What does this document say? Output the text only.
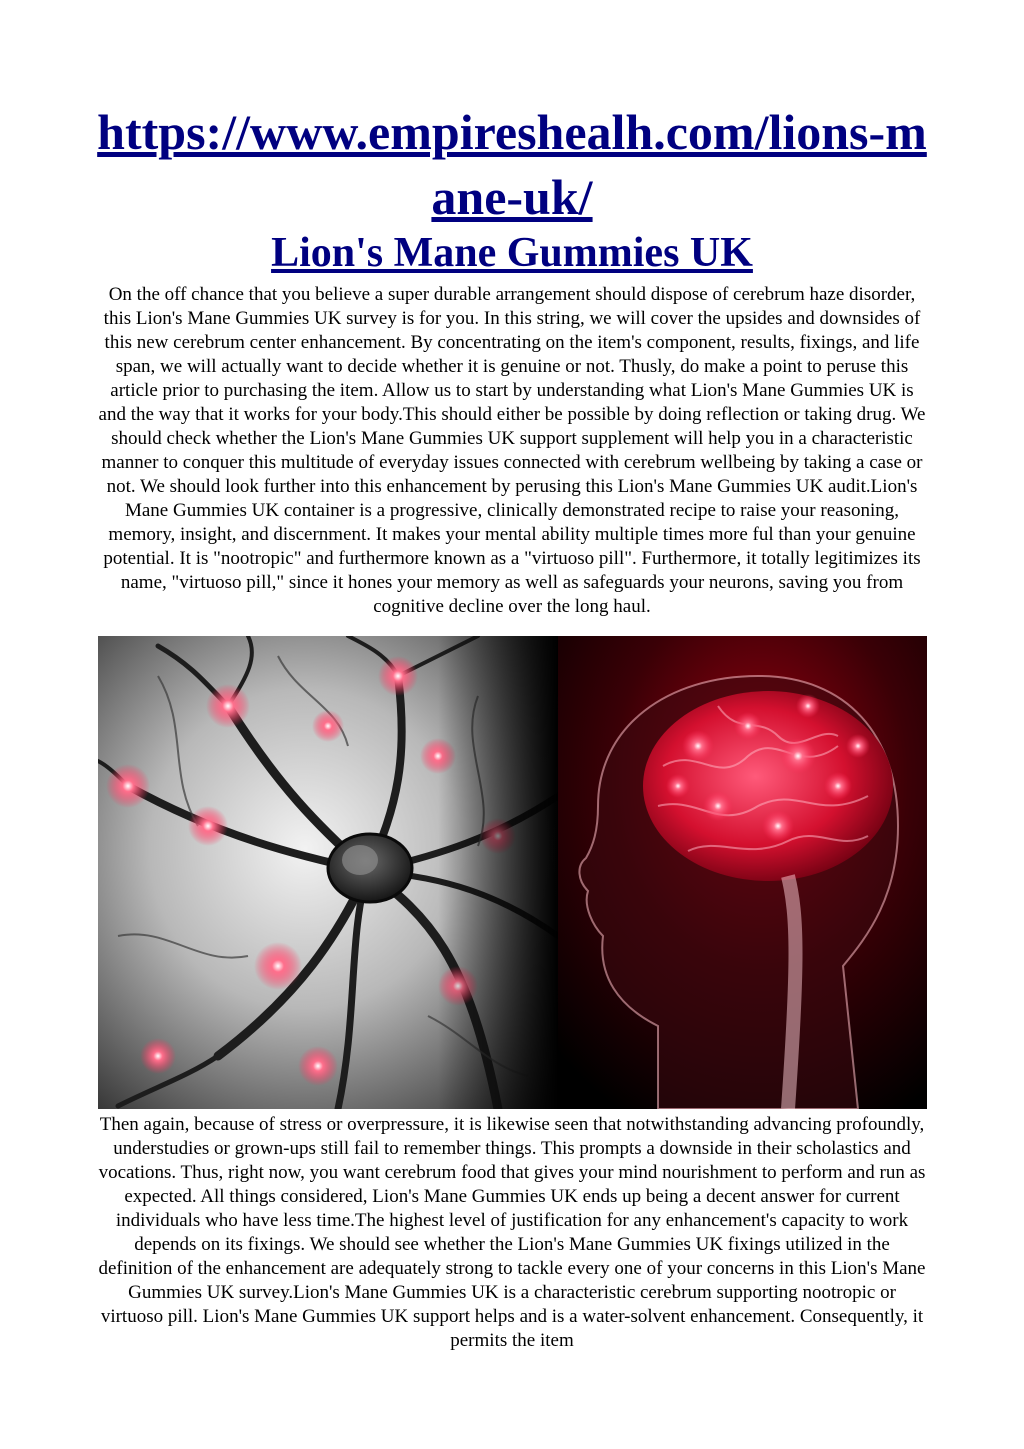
https://www.empireshealh.com/lions-mane-uk/
Lion's Mane Gummies UK

On the off chance that you believe a super durable arrangement should dispose of cerebrum haze disorder, this Lion's Mane Gummies UK survey is for you. In this string, we will cover the upsides and downsides of this new cerebrum center enhancement. By concentrating on the item's component, results, fixings, and life span, we will actually want to decide whether it is genuine or not. Thusly, do make a point to peruse this article prior to purchasing the item. Allow us to start by understanding what Lion's Mane Gummies UK is and the way that it works for your body.This should either be possible by doing reflection or taking drug. We should check whether the Lion's Mane Gummies UK support supplement will help you in a characteristic manner to conquer this multitude of everyday issues connected with cerebrum wellbeing by taking a case or not. We should look further into this enhancement by perusing this Lion's Mane Gummies UK audit.Lion's Mane Gummies UK container is a progressive, clinically demonstrated recipe to raise your reasoning, memory, insight, and discernment. It makes your mental ability multiple times more ful than your genuine potential. It is "nootropic" and furthermore known as a "virtuoso pill". Furthermore, it totally legitimizes its name, "virtuoso pill," since it hones your memory as well as safeguards your neurons, saving you from cognitive decline over the long haul.

Then again, because of stress or overpressure, it is likewise seen that notwithstanding advancing profoundly, understudies or grown-ups still fail to remember things. This prompts a downside in their scholastics and vocations. Thus, right now, you want cerebrum food that gives your mind nourishment to perform and run as expected. All things considered, Lion's Mane Gummies UK ends up being a decent answer for current individuals who have less time.The highest level of justification for any enhancement's capacity to work depends on its fixings. We should see whether the Lion's Mane Gummies UK fixings utilized in the definition of the enhancement are adequately strong to tackle every one of your concerns in this Lion's Mane Gummies UK survey.Lion's Mane Gummies UK is a characteristic cerebrum supporting nootropic or virtuoso pill. Lion's Mane Gummies UK support helps and is a water-solvent enhancement. Consequently, it permits the item
